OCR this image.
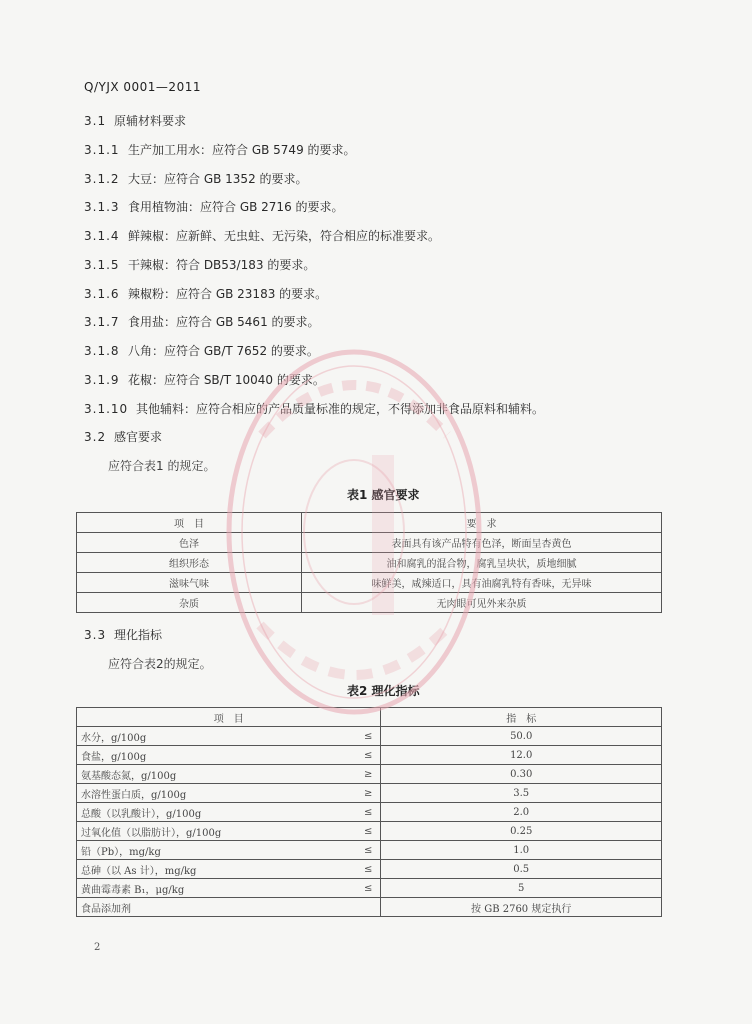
Q/YJX 0001—2011
3.1 原辅材料要求
3.1.1 生产加工用水：应符合 GB 5749 的要求。
3.1.2 大豆：应符合 GB 1352 的要求。
3.1.3 食用植物油：应符合 GB 2716 的要求。
3.1.4 鲜辣椒：应新鲜、无虫蛀、无污染，符合相应的标准要求。
3.1.5 干辣椒：符合 DB53/183 的要求。
3.1.6 辣椒粉：应符合 GB 23183 的要求。
3.1.7 食用盐：应符合 GB 5461 的要求。
3.1.8 八角：应符合 GB/T 7652 的要求。
3.1.9 花椒：应符合 SB/T 10040 的要求。
3.1.10 其他辅料：应符合相应的产品质量标准的规定，不得添加非食品原料和辅料。
3.2 感官要求
应符合表1 的规定。
表1 感官要求
项　目	要　求
色泽	表面具有该产品特有色泽，断面呈杏黄色
组织形态	油和腐乳的混合物，腐乳呈块状，质地细腻
滋味气味	味鲜美，咸辣适口，具有油腐乳特有香味，无异味
杂质	无肉眼可见外来杂质
3.3 理化指标
应符合表2的规定。
表2 理化指标
项　目		指　标
水分，g/100g	≤	50.0
食盐，g/100g	≤	12.0
氨基酸态氮，g/100g	≥	0.30
水溶性蛋白质，g/100g	≥	3.5
总酸（以乳酸计），g/100g	≤	2.0
过氧化值（以脂肪计），g/100g	≤	0.25
铅（Pb），mg/kg	≤	1.0
总砷（以 As 计），mg/kg	≤	0.5
黄曲霉毒素 B₁，μg/kg	≤	5
食品添加剂		按 GB 2760 规定执行
2
